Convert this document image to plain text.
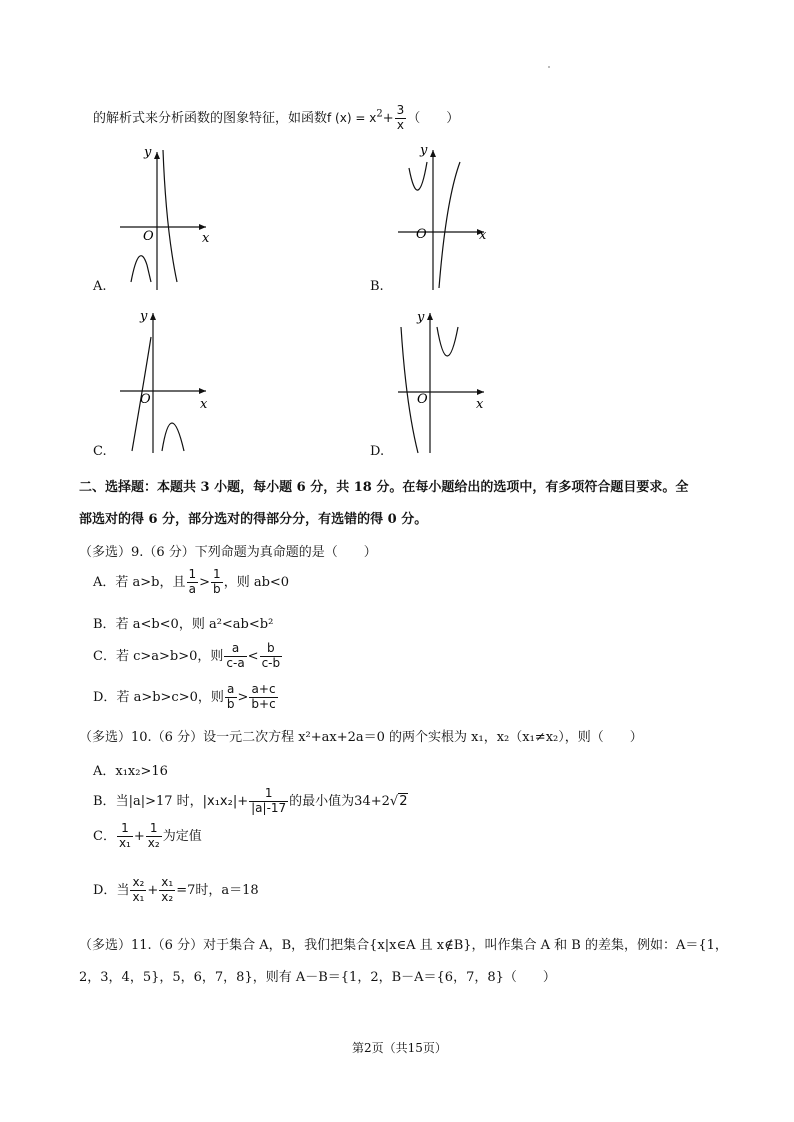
的解析式来分析函数的图象特征，如函数f $(x) = x^2+ \frac{3}{x}$ （　　）
y
x
O
A.
y
x
O
B.
y
x
O
C.
y
x
O
D.
二、选择题：本题共 3 小题，每小题 6 分，共 18 分。在每小题给出的选项中，有多项符合题目要求。全
部选对的得 6 分，部分选对的得部分分，有选错的得 0 分。
（多选）9.（6 分）下列命题为真命题的是（　　）
A．若 a>b，且 $\frac{1}{a} > \frac{1}{b}$ ，则 ab<0
B．若 a<b<0，则 a²<ab<b²
C．若 c>a>b>0，则 $\frac{a}{c-a} < \frac{b}{c-b}$
D．若 a>b>c>0，则 $\frac{a}{b} > \frac{a+c}{b+c}$
（多选）10.（6 分）设一元二次方程 x²+ax+2a＝0 的两个实根为 x₁，x₂（x₁≠x₂），则（　　）
A．x₁x₂>16
B．当|a|>17 时，$|x_1x_2|+ \frac{1}{|a|-17}$ 的最小值为34+2√2
C． $\frac{1}{\text{x₁}} + \frac{1}{\text{x₂}}$ 为定值
D．当 $\frac{\text{x₂}}{\text{x₁}} + \frac{\text{x₁}}{\text{x₂}} =7$时，a＝18
（多选）11.（6 分）对于集合 A，B，我们把集合{x|x∈A 且 x∉B}，叫作集合 A 和 B 的差集，例如：A＝{1，
2，3，4，5}，5，6，7，8}，则有 A－B＝{1，2，B－A＝{6，7，8}（　　）
第2页（共15页）
